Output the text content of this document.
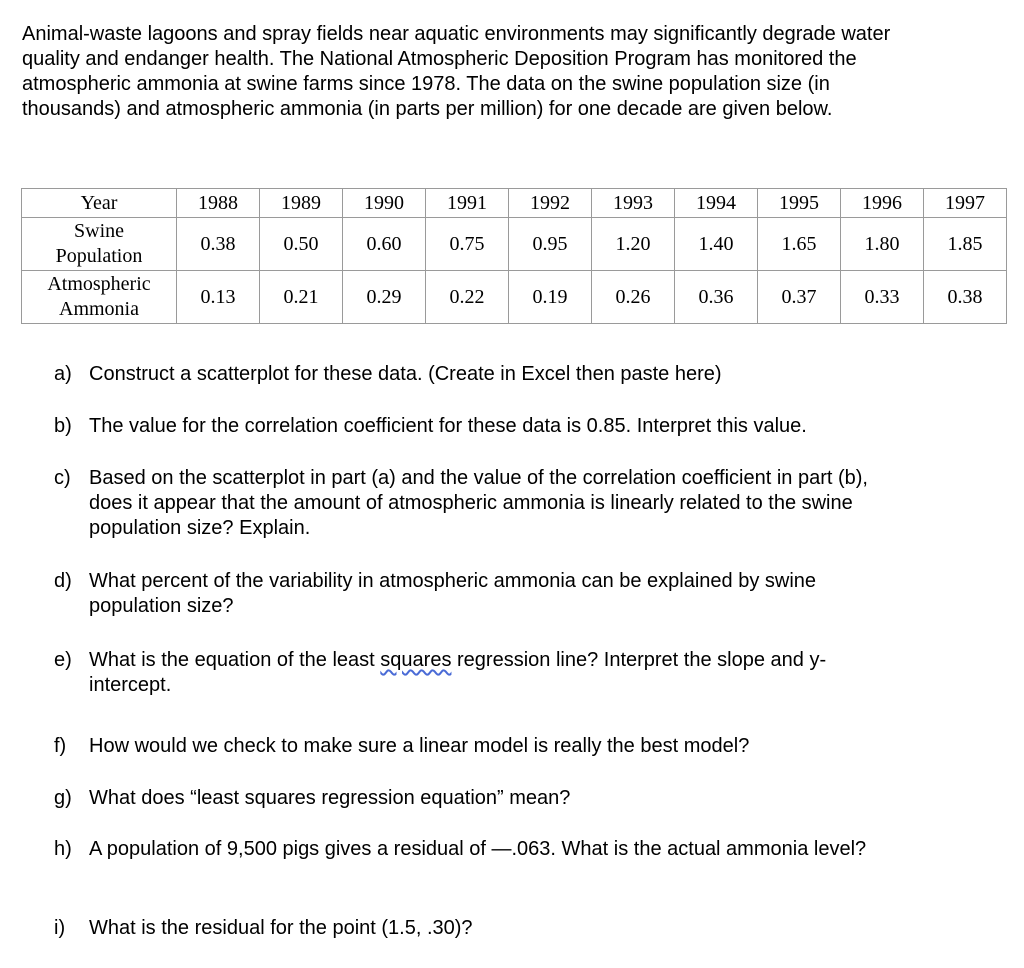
Animal-waste lagoons and spray fields near aquatic environments may significantly degrade water quality and endanger health. The National Atmospheric Deposition Program has monitored the atmospheric ammonia at swine farms since 1978. The data on the swine population size (in thousands) and atmospheric ammonia (in parts per million) for one decade are given below.

Year	1988	1989	1990	1991	1992	1993	1994	1995	1996	1997
Swine
Population	0.38	0.50	0.60	0.75	0.95	1.20	1.40	1.65	1.80	1.85
Atmospheric
Ammonia	0.13	0.21	0.29	0.22	0.19	0.26	0.36	0.37	0.33	0.38
a) Construct a scatterplot for these data. (Create in Excel then paste here)
b) The value for the correlation coefficient for these data is 0.85. Interpret this value.
c) Based on the scatterplot in part (a) and the value of the correlation coefficient in part (b), does it appear that the amount of atmospheric ammonia is linearly related to the swine population size? Explain.
d) What percent of the variability in atmospheric ammonia can be explained by swine population size?
e) What is the equation of the least squares regression line? Interpret the slope and y-intercept.
f) How would we check to make sure a linear model is really the best model?
g) What does “least squares regression equation” mean?
h) A population of 9,500 pigs gives a residual of —.063. What is the actual ammonia level?
i) What is the residual for the point (1.5, .30)?
